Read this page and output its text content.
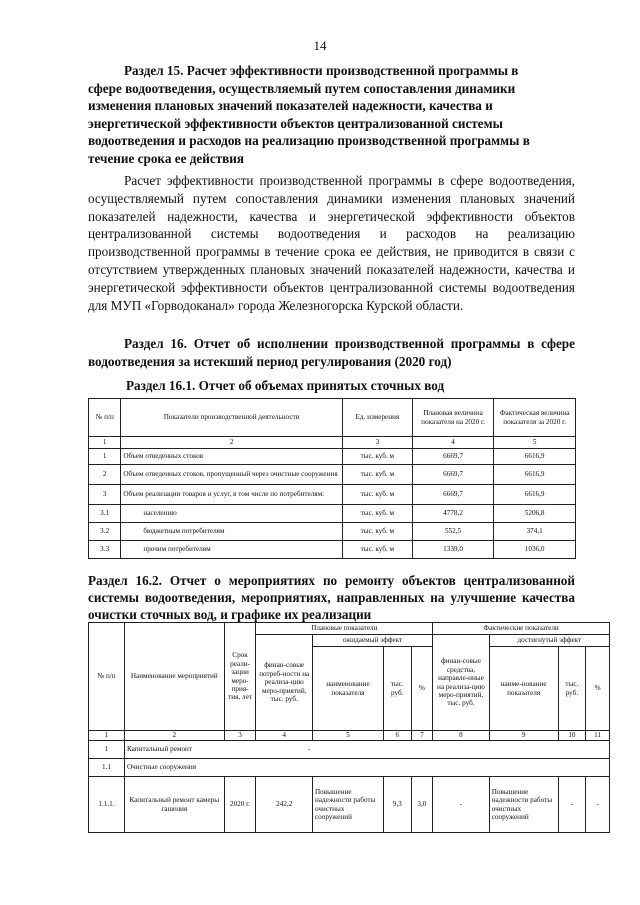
14
Раздел 15. Расчет эффективности производственной программы в
сфере водоотведения, осуществляемый путем сопоставления динамики
изменения плановых значений показателей надежности, качества и
энергетической эффективности объектов централизованной системы
водоотведения и расходов на реализацию производственной программы в
течение срока ее действия

Расчет эффективности производственной программы в сфере водоотведения, осуществляемый путем сопоставления динамики изменения плановых значений показателей надежности, качества и энергетической эффективности объектов централизованной системы водоотведения и расходов на реализацию производственной программы в течение срока ее действия, не приводится в связи с отсутствием утвержденных плановых значений показателей надежности, качества и энергетической эффективности объектов централизованной системы водоотведения для МУП «Горводоканал» города Железногорска Курской области.

Раздел 16. Отчет об исполнении производственной программы в сфере водоотведения за истекший период регулирования (2020 год)

Раздел 16.1. Отчет об объемах принятых сточных вод

№ п/п	Показатели производственной деятельности	Ед. измерения	Плановая величина показателя на 2020 г.	Фактическая величина показателя за 2020 г.
1	2	3	4	5
1	Объем отведенных стоков	тыс. куб. м	6669,7	6616,9
2	Объем отведенных стоков, пропущенный через очистные сооружения	тыс. куб. м	6669,7	6616,9
3	Объем реализации товаров и услуг, в том числе по потребителям:	тыс. куб. м	6669,7	6616,9
3.1	населению	тыс. куб. м	4778,2	5206,8
3.2	бюджетным потребителям	тыс. куб. м	552,5	374,1
3.3	прочим потребителям	тыс. куб. м	1339,0	1036,0

Раздел 16.2. Отчет о мероприятиях по ремонту объектов централизованной системы водоотведения, мероприятиях, направленных на улучшение качества очистки сточных вод, и графике их реализации

№ п/п	Наименование мероприятий	Срок реали-зации меро-прия-тия, лет	Плановые показатели				Фактические показатели			
			финан-совые потреб-ности на реализа-цию меро-приятий, тыс. руб.	ожидаемый эффект			финан-совые средства, направле-нные на реализа-цию меро-приятий, тыс. руб.	достигнутый эффект		
				наименование показателя	тыс. руб.	%		наиме-нование показателя	тыс. руб.	%
1	2	3	4	5	6	7	8	9	10	11
1	Капитальный ремонт -									
1.1	Очистные сооружения									
1.1.1.	Капитальный ремонт камеры гашения	2020 г.	242,2	Повышение надежности работы очистных сооружений	9,3	3,0	-	Повышение надежности работы очистных сооружений	-	-
